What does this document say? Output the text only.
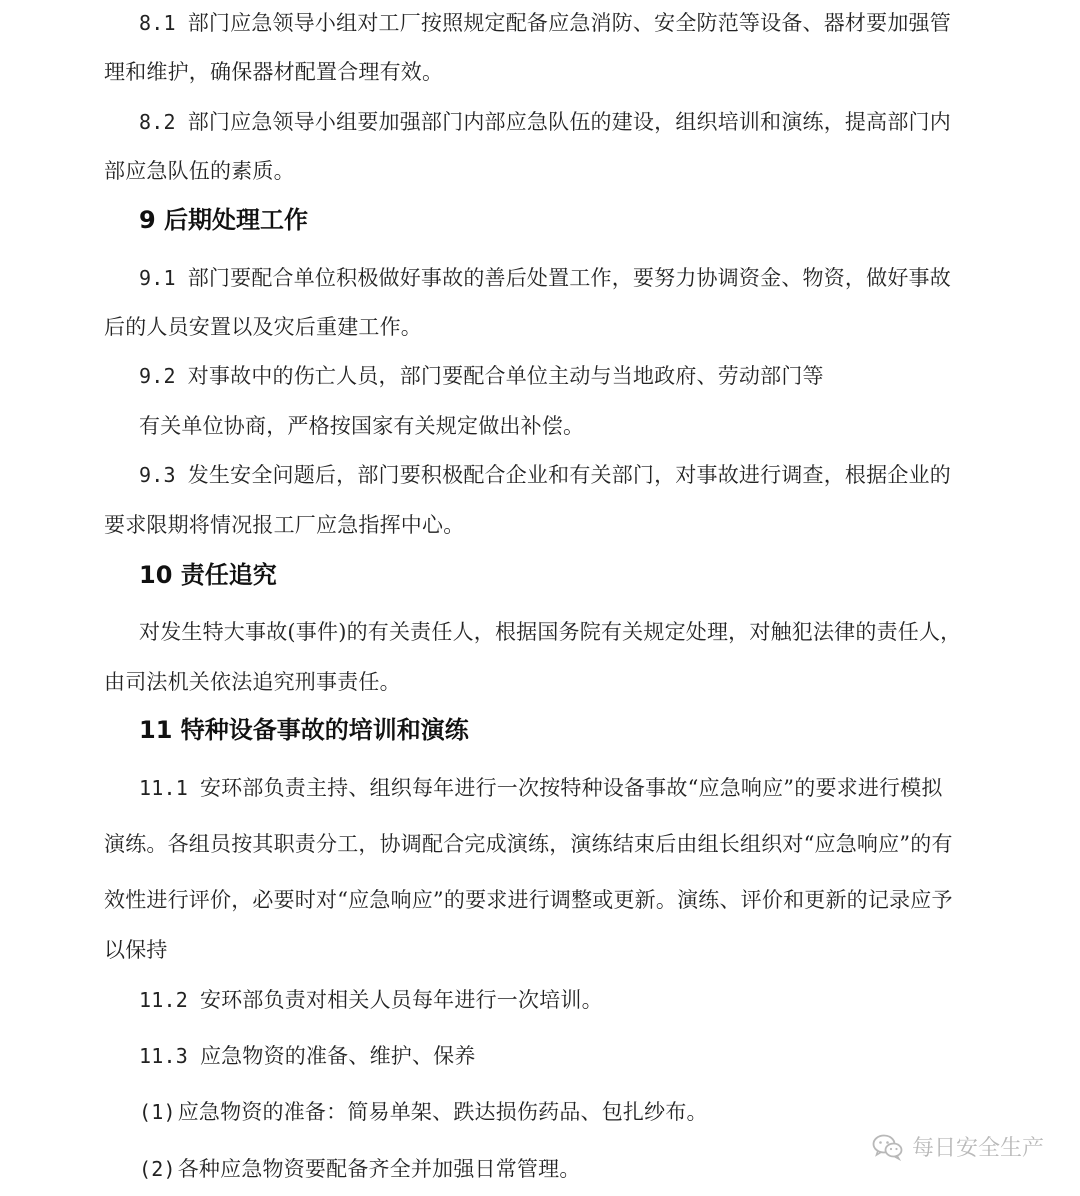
8.1 部门应急领导小组对工厂按照规定配备应急消防、安全防范等设备、器材要加强管
理和维护，确保器材配置合理有效。
8.2 部门应急领导小组要加强部门内部应急队伍的建设，组织培训和演练，提高部门内
部应急队伍的素质。
9 后期处理工作
9.1 部门要配合单位积极做好事故的善后处置工作，要努力协调资金、物资，做好事故
后的人员安置以及灾后重建工作。
9.2 对事故中的伤亡人员，部门要配合单位主动与当地政府、劳动部门等
有关单位协商，严格按国家有关规定做出补偿。
9.3 发生安全问题后，部门要积极配合企业和有关部门，对事故进行调查，根据企业的
要求限期将情况报工厂应急指挥中心。
10 责任追究
对发生特大事故(事件)的有关责任人，根据国务院有关规定处理，对触犯法律的责任人，
由司法机关依法追究刑事责任。
11 特种设备事故的培训和演练
11.1 安环部负责主持、组织每年进行一次按特种设备事故“应急响应”的要求进行模拟
演练。各组员按其职责分工，协调配合完成演练，演练结束后由组长组织对“应急响应”的有
效性进行评价，必要时对“应急响应”的要求进行调整或更新。演练、评价和更新的记录应予
以保持
11.2 安环部负责对相关人员每年进行一次培训。
11.3 应急物资的准备、维护、保养
(1)应急物资的准备：简易单架、跌达损伤药品、包扎纱布。
(2)各种应急物资要配备齐全并加强日常管理。
每日安全生产
